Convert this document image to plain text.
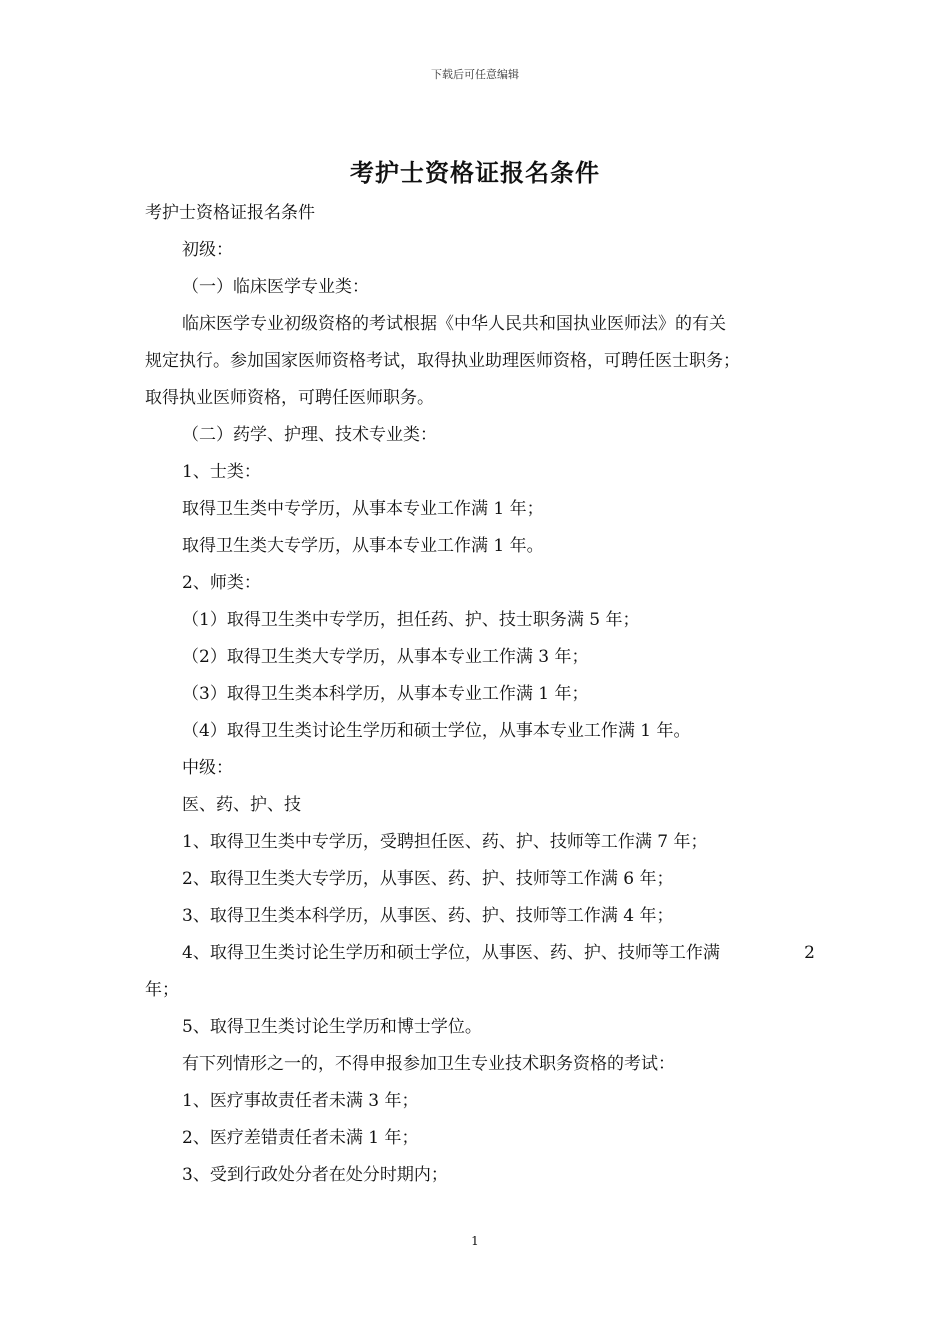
下载后可任意编辑
考护士资格证报名条件
考护士资格证报名条件
初级：
（一）临床医学专业类：
临床医学专业初级资格的考试根据《中华人民共和国执业医师法》的有关
规定执行。参加国家医师资格考试，取得执业助理医师资格，可聘任医士职务；
取得执业医师资格，可聘任医师职务。
（二）药学、护理、技术专业类：
1、士类：
取得卫生类中专学历，从事本专业工作满 1 年；
取得卫生类大专学历，从事本专业工作满 1 年。
2、师类：
（1）取得卫生类中专学历，担任药、护、技士职务满 5 年；
（2）取得卫生类大专学历，从事本专业工作满 3 年；
（3）取得卫生类本科学历，从事本专业工作满 1 年；
（4）取得卫生类讨论生学历和硕士学位，从事本专业工作满 1 年。
中级：
医、药、护、技
1、取得卫生类中专学历，受聘担任医、药、护、技师等工作满 7 年；
2、取得卫生类大专学历，从事医、药、护、技师等工作满 6 年；
3、取得卫生类本科学历，从事医、药、护、技师等工作满 4 年；
4、取得卫生类讨论生学历和硕士学位，从事医、药、护、技师等工作满	2
年；
5、取得卫生类讨论生学历和博士学位。
有下列情形之一的，不得申报参加卫生专业技术职务资格的考试：
1、医疗事故责任者未满 3 年；
2、医疗差错责任者未满 1 年；
3、受到行政处分者在处分时期内；
1
